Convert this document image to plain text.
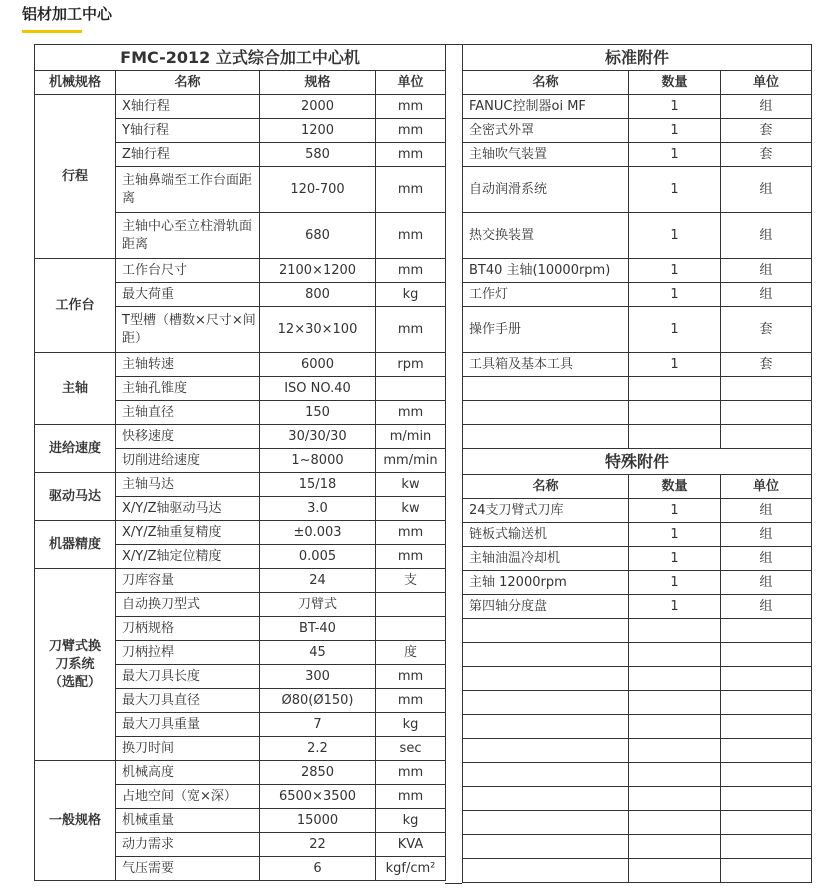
铝材加工中心
FMC-2012 立式综合加工中心机			
机械规格	名称	规格	单位
行程	X轴行程	2000	mm
	Y轴行程	1200	mm
	Z轴行程	580	mm
	主轴鼻端至工作台面距离	120-700	mm
	主轴中心至立柱滑轨面距离	680	mm
工作台	工作台尺寸	2100×1200	mm
	最大荷重	800	kg
	T型槽（槽数×尺寸×间距）	12×30×100	mm
主轴	主轴转速	6000	rpm
	主轴孔锥度	ISO NO.40	
	主轴直径	150	mm
进给速度	快移速度	30/30/30	m/min
	切削进给速度	1~8000	mm/min
驱动马达	主轴马达	15/18	kw
	X/Y/Z轴驱动马达	3.0	kw
机器精度	X/Y/Z轴重复精度	±0.003	mm
	X/Y/Z轴定位精度	0.005	mm
刀臂式换刀系统（选配）	刀库容量	24	支
	自动换刀型式	刀臂式	
	刀柄规格	BT-40	
	刀柄拉桿	45	度
	最大刀具长度	300	mm
	最大刀具直径	Ø80(Ø150)	mm
	最大刀具重量	7	kg
	换刀时间	2.2	sec
一般规格	机械高度	2850	mm
	占地空间（宽×深）	6500×3500	mm
	机械重量	15000	kg
	动力需求	22	KVA
	气压需要	6	kgf/cm²
标准附件		
名称	数量	单位
FANUC控制器oi MF	1	组
全密式外罩	1	套
主轴吹气装置	1	套
自动润滑系统	1	组
热交换装置	1	组
BT40 主轴(10000rpm)	1	组
工作灯	1	组
操作手册	1	套
工具箱及基本工具	1	套

特殊附件		
名称	数量	单位
24支刀臂式刀库	1	组
链板式输送机	1	组
主轴油温冷却机	1	组
主轴 12000rpm	1	组
第四轴分度盘	1	组
